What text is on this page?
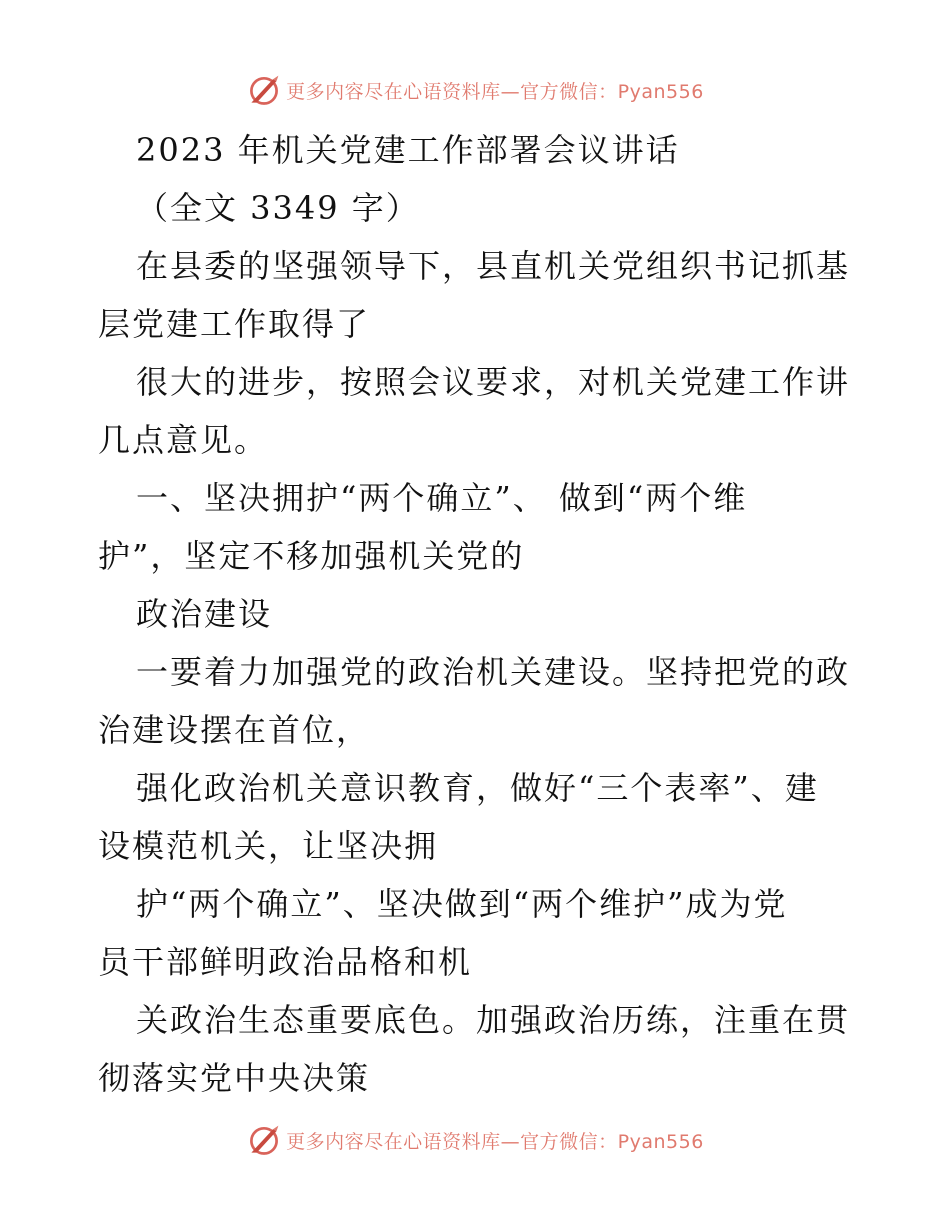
更多内容尽在心语资料库—官方微信：Pyan556
2023 年机关党建工作部署会议讲话
（全文 3349 字）
在县委的坚强领导下，县直机关党组织书记抓基
层党建工作取得了
很大的进步，按照会议要求，对机关党建工作讲
几点意见。
一、坚决拥护“两个确立”、 做到“两个维
护”，坚定不移加强机关党的
政治建设
一要着力加强党的政治机关建设。坚持把党的政
治建设摆在首位，
强化政治机关意识教育，做好“三个表率”、建
设模范机关，让坚决拥
护“两个确立”、坚决做到“两个维护”成为党
员干部鲜明政治品格和机
关政治生态重要底色。加强政治历练，注重在贯
彻落实党中央决策
更多内容尽在心语资料库—官方微信：Pyan556
